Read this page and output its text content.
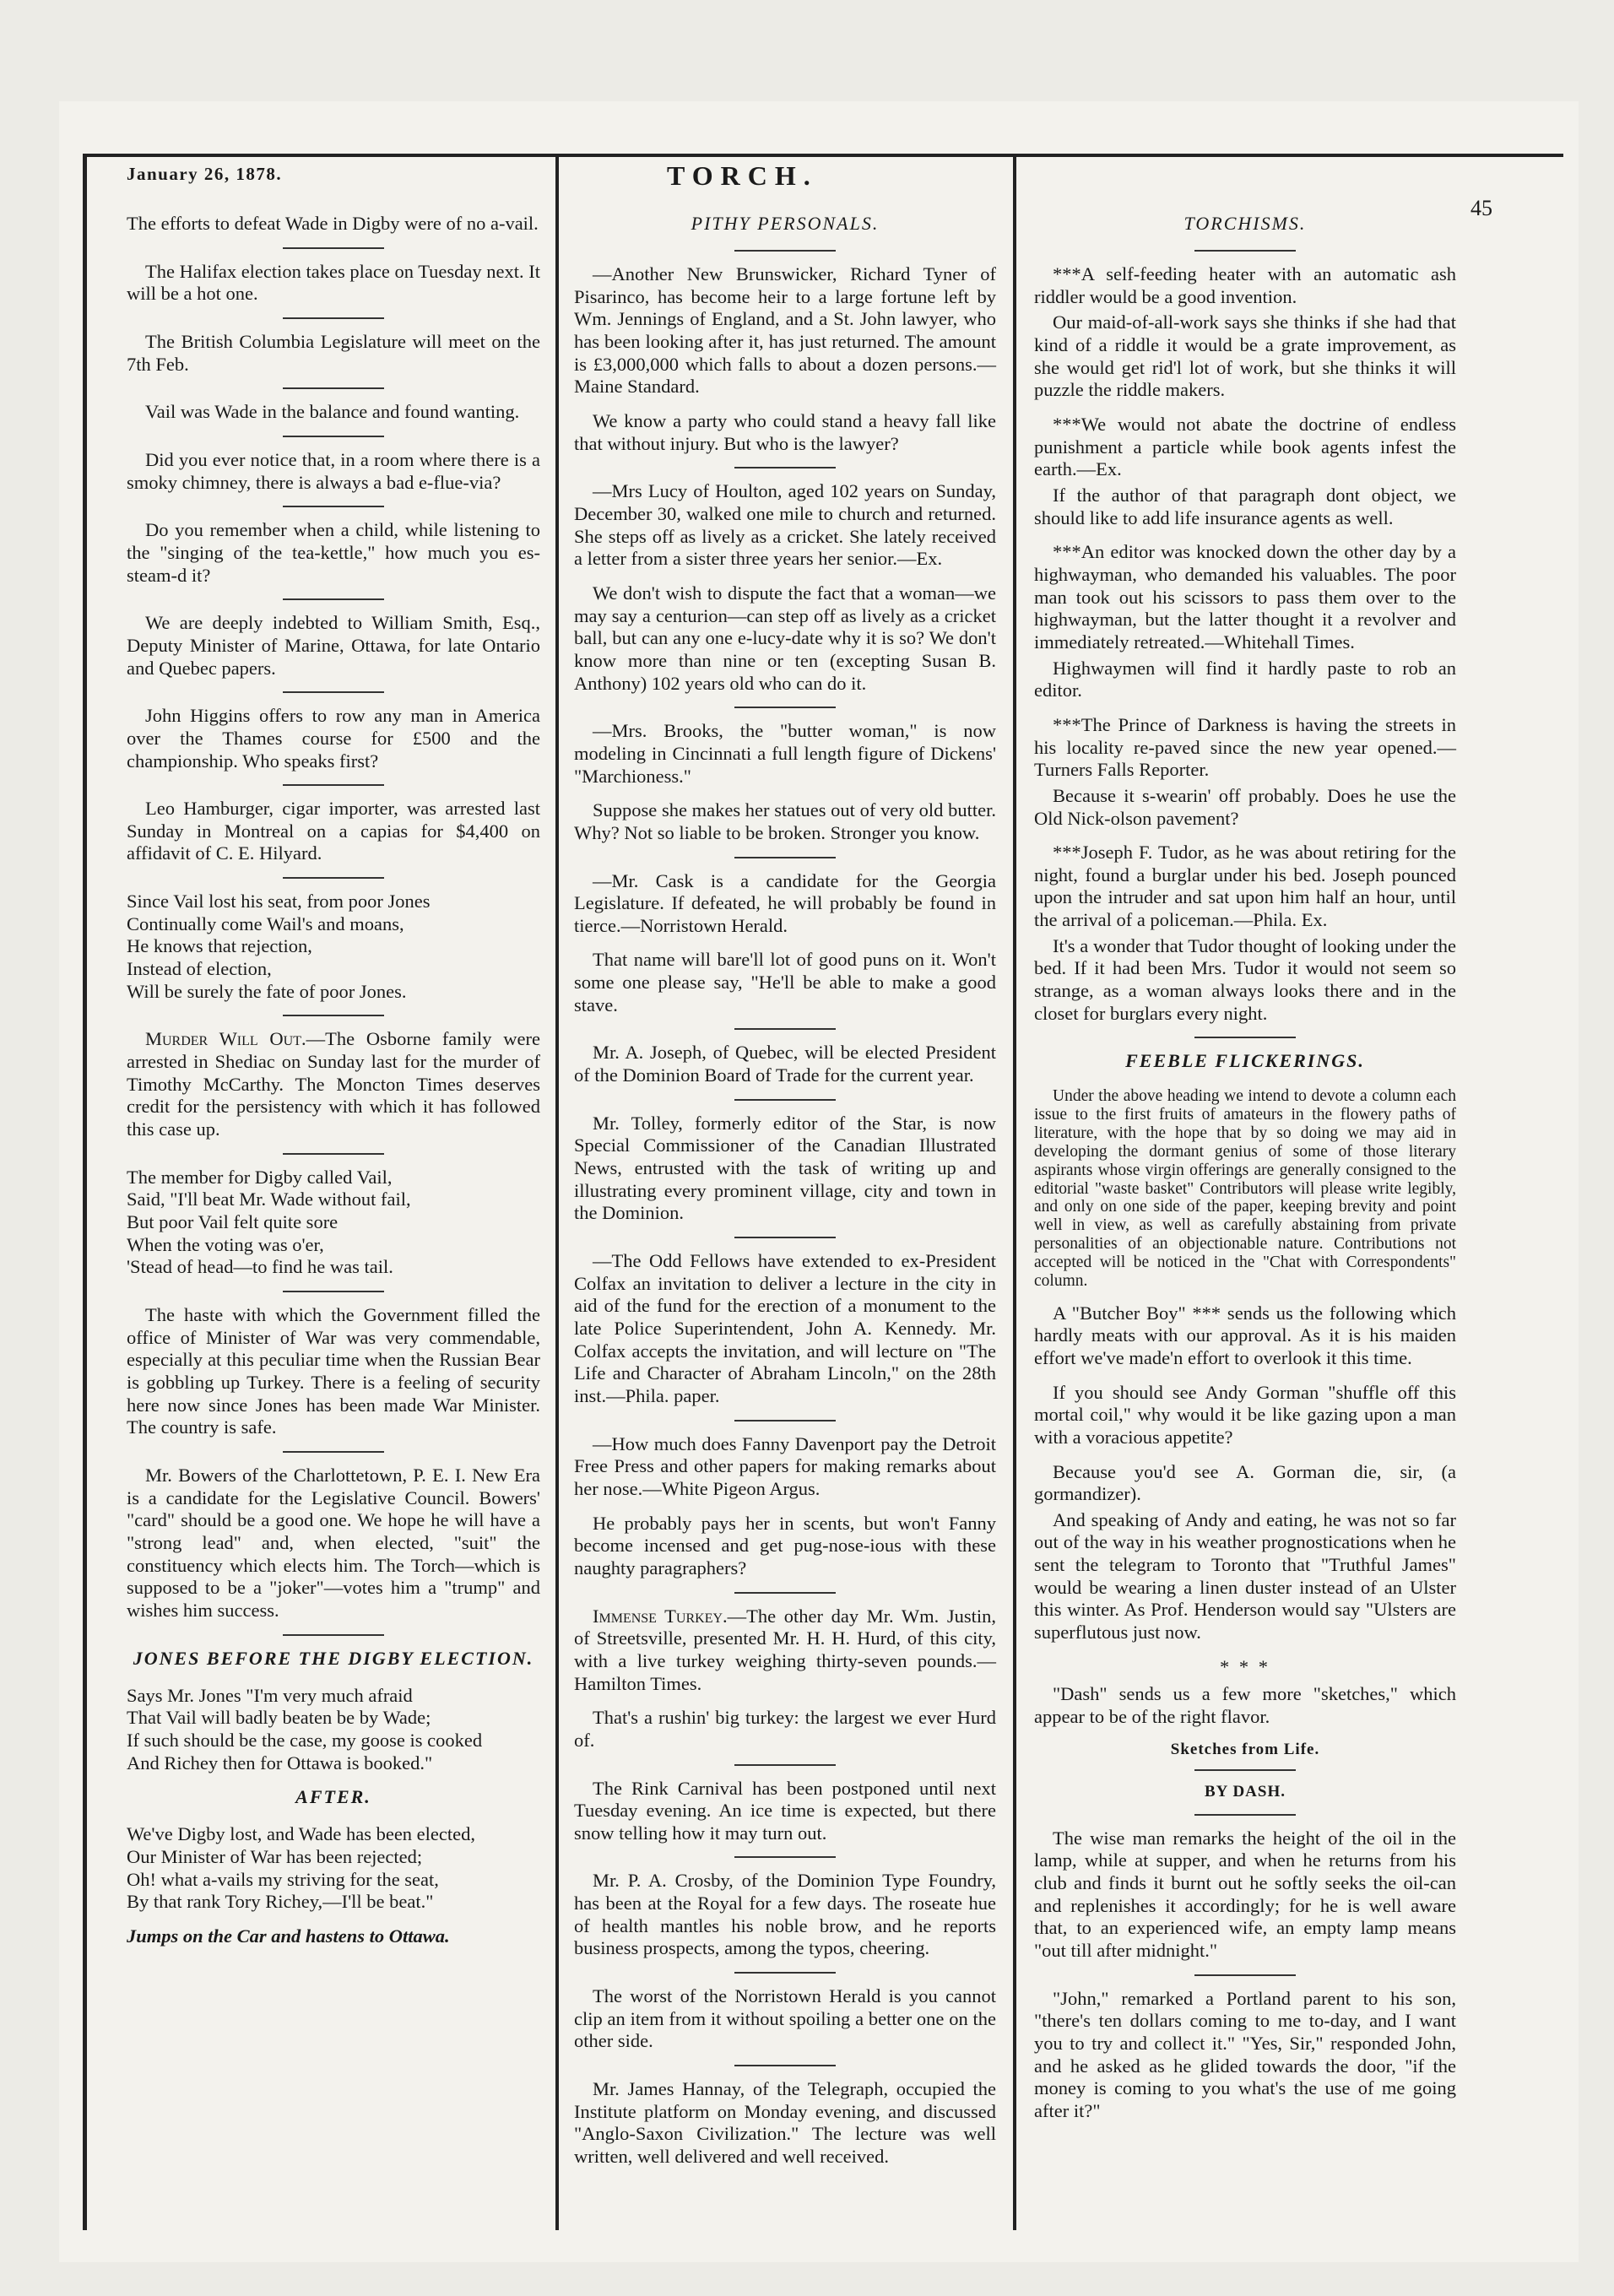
January 26, 1878.	TORCH.
45

The efforts to defeat Wade in Digby were of no a-vail.

The Halifax election takes place on Tuesday next. It will be a hot one.

The British Columbia Legislature will meet on the 7th Feb.

Vail was Wade in the balance and found wanting.

Did you ever notice that, in a room where there is a smoky chimney, there is always a bad e-flue-via?

Do you remember when a child, while listening to the "singing of the tea-kettle," how much you es-steam-d it?

We are deeply indebted to William Smith, Esq., Deputy Minister of Marine, Ottawa, for late Ontario and Quebec papers.

John Higgins offers to row any man in America over the Thames course for £500 and the championship. Who speaks first?

Leo Hamburger, cigar importer, was arrested last Sunday in Montreal on a capias for $4,400 on affidavit of C. E. Hilyard.

Since Vail lost his seat, from poor Jones
Continually come Wail's and moans,
He knows that rejection,
Instead of election,
Will be surely the fate of poor Jones.

Murder Will Out.—The Osborne family were arrested in Shediac on Sunday last for the murder of Timothy McCarthy. The Moncton Times deserves credit for the persistency with which it has followed this case up.

The member for Digby called Vail,
Said, "I'll beat Mr. Wade without fail,
But poor Vail felt quite sore
When the voting was o'er,
'Stead of head—to find he was tail.

The haste with which the Government filled the office of Minister of War was very commendable, especially at this peculiar time when the Russian Bear is gobbling up Turkey. There is a feeling of security here now since Jones has been made War Minister. The country is safe.

Mr. Bowers of the Charlottetown, P. E. I. New Era is a candidate for the Legislative Council. Bowers' "card" should be a good one. We hope he will have a "strong lead" and, when elected, "suit" the constituency which elects him. The Torch—which is supposed to be a "joker"—votes him a "trump" and wishes him success.

JONES BEFORE THE DIGBY ELECTION.
Says Mr. Jones "I'm very much afraid
That Vail will badly beaten be by Wade;
If such should be the case, my goose is cooked
And Richey then for Ottawa is booked."
AFTER.
We've Digby lost, and Wade has been elected,
Our Minister of War has been rejected;
Oh! what a-vails my striving for the seat,
By that rank Tory Richey,—I'll be beat."

Jumps on the Car and hastens to Ottawa.

PITHY PERSONALS.

—Another New Brunswicker, Richard Tyner of Pisarinco, has become heir to a large fortune left by Wm. Jennings of England, and a St. John lawyer, who has been looking after it, has just returned. The amount is £3,000,000 which falls to about a dozen persons.—Maine Standard.

We know a party who could stand a heavy fall like that without injury. But who is the lawyer?

—Mrs Lucy of Houlton, aged 102 years on Sunday, December 30, walked one mile to church and returned. She steps off as lively as a cricket. She lately received a letter from a sister three years her senior.—Ex.

We don't wish to dispute the fact that a woman—we may say a centurion—can step off as lively as a cricket ball, but can any one e-lucy-date why it is so? We don't know more than nine or ten (excepting Susan B. Anthony) 102 years old who can do it.

—Mrs. Brooks, the "butter woman," is now modeling in Cincinnati a full length figure of Dickens' "Marchioness."

Suppose she makes her statues out of very old butter. Why? Not so liable to be broken. Stronger you know.

—Mr. Cask is a candidate for the Georgia Legislature. If defeated, he will probably be found in tierce.—Norristown Herald.

That name will bare'll lot of good puns on it. Won't some one please say, "He'll be able to make a good stave.

Mr. A. Joseph, of Quebec, will be elected President of the Dominion Board of Trade for the current year.

Mr. Tolley, formerly editor of the Star, is now Special Commissioner of the Canadian Illustrated News, entrusted with the task of writing up and illustrating every prominent village, city and town in the Dominion.

—The Odd Fellows have extended to ex-President Colfax an invitation to deliver a lecture in the city in aid of the fund for the erection of a monument to the late Police Superintendent, John A. Kennedy. Mr. Colfax accepts the invitation, and will lecture on "The Life and Character of Abraham Lincoln," on the 28th inst.—Phila. paper.

—How much does Fanny Davenport pay the Detroit Free Press and other papers for making remarks about her nose.—White Pigeon Argus.

He probably pays her in scents, but won't Fanny become incensed and get pug-nose-ious with these naughty paragraphers?

Immense Turkey.—The other day Mr. Wm. Justin, of Streetsville, presented Mr. H. H. Hurd, of this city, with a live turkey weighing thirty-seven pounds.—Hamilton Times.

That's a rushin' big turkey: the largest we ever Hurd of.

The Rink Carnival has been postponed until next Tuesday evening. An ice time is expected, but there snow telling how it may turn out.

Mr. P. A. Crosby, of the Dominion Type Foundry, has been at the Royal for a few days. The roseate hue of health mantles his noble brow, and he reports business prospects, among the typos, cheering.

The worst of the Norristown Herald is you cannot clip an item from it without spoiling a better one on the other side.

Mr. James Hannay, of the Telegraph, occupied the Institute platform on Monday evening, and discussed "Anglo-Saxon Civilization." The lecture was well written, well delivered and well received.

TORCHISMS.

***A self-feeding heater with an automatic ash riddler would be a good invention.

Our maid-of-all-work says she thinks if she had that kind of a riddle it would be a grate improvement, as she would get rid'l lot of work, but she thinks it will puzzle the riddle makers.

***We would not abate the doctrine of endless punishment a particle while book agents infest the earth.—Ex.

If the author of that paragraph dont object, we should like to add life insurance agents as well.

***An editor was knocked down the other day by a highwayman, who demanded his valuables. The poor man took out his scissors to pass them over to the highwayman, but the latter thought it a revolver and immediately retreated.—Whitehall Times.

Highwaymen will find it hardly paste to rob an editor.

***The Prince of Darkness is having the streets in his locality re-paved since the new year opened.—Turners Falls Reporter.

Because it s-wearin' off probably. Does he use the Old Nick-olson pavement?

***Joseph F. Tudor, as he was about retiring for the night, found a burglar under his bed. Joseph pounced upon the intruder and sat upon him half an hour, until the arrival of a policeman.—Phila. Ex.

It's a wonder that Tudor thought of looking under the bed. If it had been Mrs. Tudor it would not seem so strange, as a woman always looks there and in the closet for burglars every night.

FEEBLE FLICKERINGS.

Under the above heading we intend to devote a column each issue to the first fruits of amateurs in the flowery paths of literature, with the hope that by so doing we may aid in developing the dormant genius of some of those literary aspirants whose virgin offerings are generally consigned to the editorial "waste basket" Contributors will please write legibly, and only on one side of the paper, keeping brevity and point well in view, as well as carefully abstaining from private personalities of an objectionable nature. Contributions not accepted will be noticed in the "Chat with Correspondents" column.

A "Butcher Boy" *** sends us the following which hardly meats with our approval. As it is his maiden effort we've made'n effort to overlook it this time.

If you should see Andy Gorman "shuffle off this mortal coil," why would it be like gazing upon a man with a voracious appetite?

Because you'd see A. Gorman die, sir, (a gormandizer).

And speaking of Andy and eating, he was not so far out of the way in his weather prognostications when he sent the telegram to Toronto that "Truthful James" would be wearing a linen duster instead of an Ulster this winter. As Prof. Henderson would say "Ulsters are superflutous just now.

* * *

"Dash" sends us a few more "sketches," which appear to be of the right flavor.

Sketches from Life.
BY DASH.

The wise man remarks the height of the oil in the lamp, while at supper, and when he returns from his club and finds it burnt out he softly seeks the oil-can and replenishes it accordingly; for he is well aware that, to an experienced wife, an empty lamp means "out till after midnight."

"John," remarked a Portland parent to his son, "there's ten dollars coming to me to-day, and I want you to try and collect it." "Yes, Sir," responded John, and he asked as he glided towards the door, "if the money is coming to you what's the use of me going after it?"
